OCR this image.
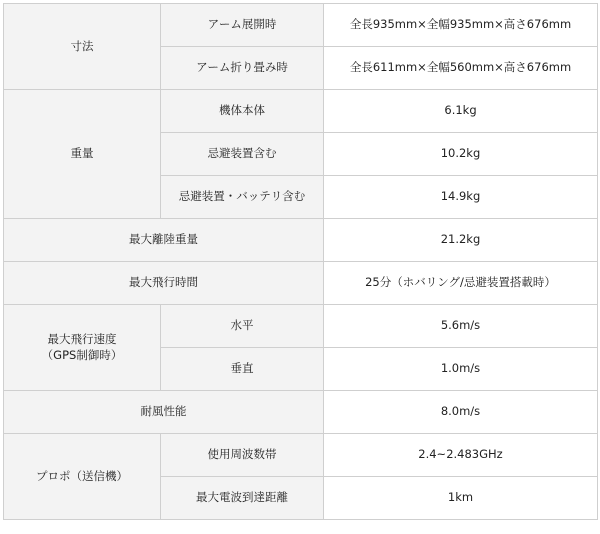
寸法	アーム展開時	全長935mm×全幅935mm×高さ676mm
	アーム折り畳み時	全長611mm×全幅560mm×高さ676mm
重量	機体本体	6.1kg
	忌避装置含む	10.2kg
	忌避装置・バッテリ含む	14.9kg
最大離陸重量		21.2kg
最大飛行時間		25分（ホバリング/忌避装置搭載時）

最大飛行速度
（GPS制御時）	水平	5.6m/s
	垂直	1.0m/s
耐風性能		8.0m/s
プロポ（送信機）	使用周波数帯	2.4~2.483GHz
	最大電波到達距離	1km
